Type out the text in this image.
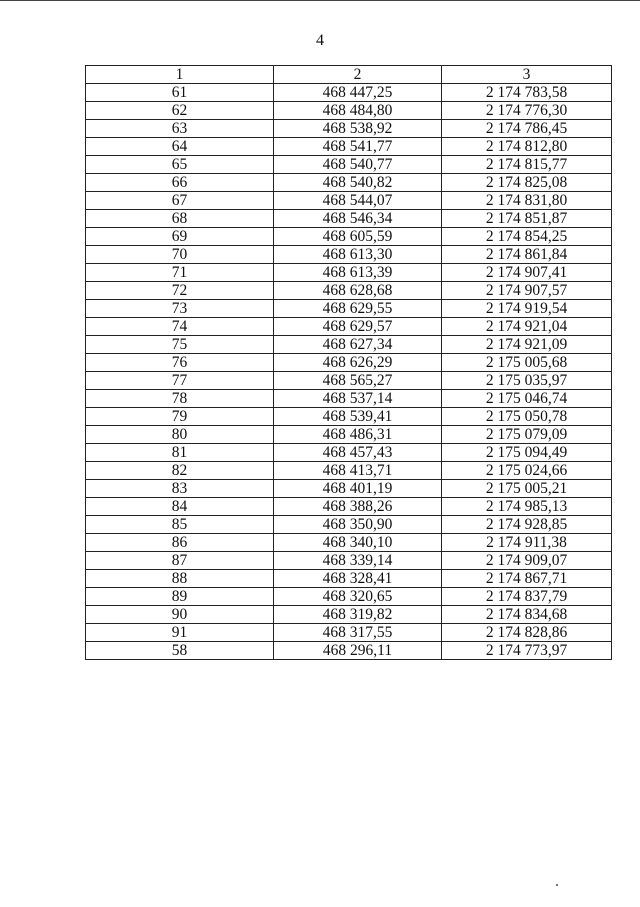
4
1	2	3
61	468 447,25	2 174 783,58
62	468 484,80	2 174 776,30
63	468 538,92	2 174 786,45
64	468 541,77	2 174 812,80
65	468 540,77	2 174 815,77
66	468 540,82	2 174 825,08
67	468 544,07	2 174 831,80
68	468 546,34	2 174 851,87
69	468 605,59	2 174 854,25
70	468 613,30	2 174 861,84
71	468 613,39	2 174 907,41
72	468 628,68	2 174 907,57
73	468 629,55	2 174 919,54
74	468 629,57	2 174 921,04
75	468 627,34	2 174 921,09
76	468 626,29	2 175 005,68
77	468 565,27	2 175 035,97
78	468 537,14	2 175 046,74
79	468 539,41	2 175 050,78
80	468 486,31	2 175 079,09
81	468 457,43	2 175 094,49
82	468 413,71	2 175 024,66
83	468 401,19	2 175 005,21
84	468 388,26	2 174 985,13
85	468 350,90	2 174 928,85
86	468 340,10	2 174 911,38
87	468 339,14	2 174 909,07
88	468 328,41	2 174 867,71
89	468 320,65	2 174 837,79
90	468 319,82	2 174 834,68
91	468 317,55	2 174 828,86
58	468 296,11	2 174 773,97
